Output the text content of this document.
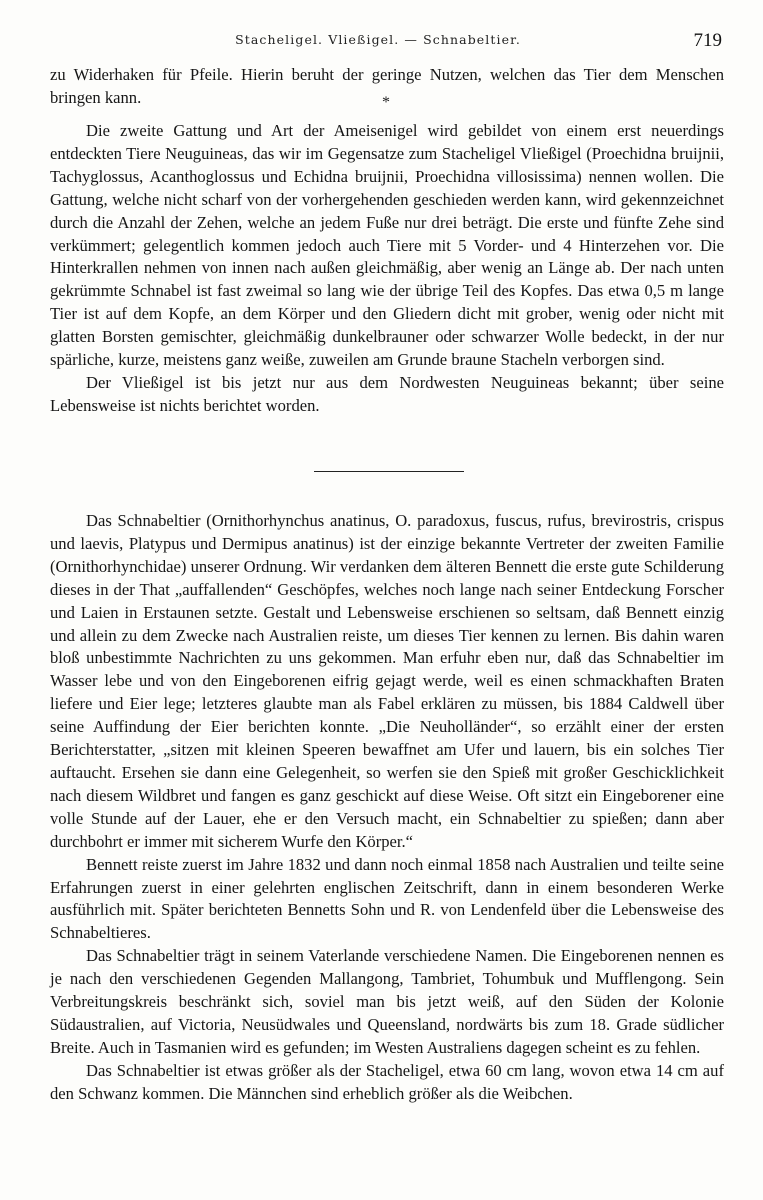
Stacheligel. Vließigel. — Schnabeltier.	719

zu Widerhaken für Pfeile. Hierin beruht der geringe Nutzen, welchen das Tier dem Menschen bringen kann.	*

Die zweite Gattung und Art der Ameisenigel wird gebildet von einem erst neuerdings entdeckten Tiere Neuguineas, das wir im Gegensatze zum Stacheligel Vließigel (Proechidna bruijnii, Tachyglossus, Acanthoglossus und Echidna bruijnii, Proechidna villosissima) nennen wollen. Die Gattung, welche nicht scharf von der vorhergehenden geschieden werden kann, wird gekennzeichnet durch die Anzahl der Zehen, welche an jedem Fuße nur drei beträgt. Die erste und fünfte Zehe sind verkümmert; gelegentlich kommen jedoch auch Tiere mit 5 Vorder- und 4 Hinterzehen vor. Die Hinterkrallen nehmen von innen nach außen gleichmäßig, aber wenig an Länge ab. Der nach unten gekrümmte Schnabel ist fast zweimal so lang wie der übrige Teil des Kopfes. Das etwa 0,5 m lange Tier ist auf dem Kopfe, an dem Körper und den Gliedern dicht mit grober, wenig oder nicht mit glatten Borsten gemischter, gleichmäßig dunkelbrauner oder schwarzer Wolle bedeckt, in der nur spärliche, kurze, meistens ganz weiße, zuweilen am Grunde braune Stacheln verborgen sind.

Der Vließigel ist bis jetzt nur aus dem Nordwesten Neuguineas bekannt; über seine Lebensweise ist nichts berichtet worden.

Das Schnabeltier (Ornithorhynchus anatinus, O. paradoxus, fuscus, rufus, brevirostris, crispus und laevis, Platypus und Dermipus anatinus) ist der einzige bekannte Vertreter der zweiten Familie (Ornithorhynchidae) unserer Ordnung. Wir verdanken dem älteren Bennett die erste gute Schilderung dieses in der That „auffallenden“ Geschöpfes, welches noch lange nach seiner Entdeckung Forscher und Laien in Erstaunen setzte. Gestalt und Lebensweise erschienen so seltsam, daß Bennett einzig und allein zu dem Zwecke nach Australien reiste, um dieses Tier kennen zu lernen. Bis dahin waren bloß unbestimmte Nachrichten zu uns gekommen. Man erfuhr eben nur, daß das Schnabeltier im Wasser lebe und von den Eingeborenen eifrig gejagt werde, weil es einen schmackhaften Braten liefere und Eier lege; letzteres glaubte man als Fabel erklären zu müssen, bis 1884 Caldwell über seine Auffindung der Eier berichten konnte. „Die Neuholländer“, so erzählt einer der ersten Berichterstatter, „sitzen mit kleinen Speeren bewaffnet am Ufer und lauern, bis ein solches Tier auftaucht. Ersehen sie dann eine Gelegenheit, so werfen sie den Spieß mit großer Geschicklichkeit nach diesem Wildbret und fangen es ganz geschickt auf diese Weise. Oft sitzt ein Eingeborener eine volle Stunde auf der Lauer, ehe er den Versuch macht, ein Schnabeltier zu spießen; dann aber durchbohrt er immer mit sicherem Wurfe den Körper.“

Bennett reiste zuerst im Jahre 1832 und dann noch einmal 1858 nach Australien und teilte seine Erfahrungen zuerst in einer gelehrten englischen Zeitschrift, dann in einem besonderen Werke ausführlich mit. Später berichteten Bennetts Sohn und R. von Lendenfeld über die Lebensweise des Schnabeltieres.

Das Schnabeltier trägt in seinem Vaterlande verschiedene Namen. Die Eingeborenen nennen es je nach den verschiedenen Gegenden Mallangong, Tambriet, Tohumbuk und Mufflengong. Sein Verbreitungskreis beschränkt sich, soviel man bis jetzt weiß, auf den Süden der Kolonie Südaustralien, auf Victoria, Neusüdwales und Queensland, nordwärts bis zum 18. Grade südlicher Breite. Auch in Tasmanien wird es gefunden; im Westen Australiens dagegen scheint es zu fehlen.

Das Schnabeltier ist etwas größer als der Stacheligel, etwa 60 cm lang, wovon etwa 14 cm auf den Schwanz kommen. Die Männchen sind erheblich größer als die Weibchen.
